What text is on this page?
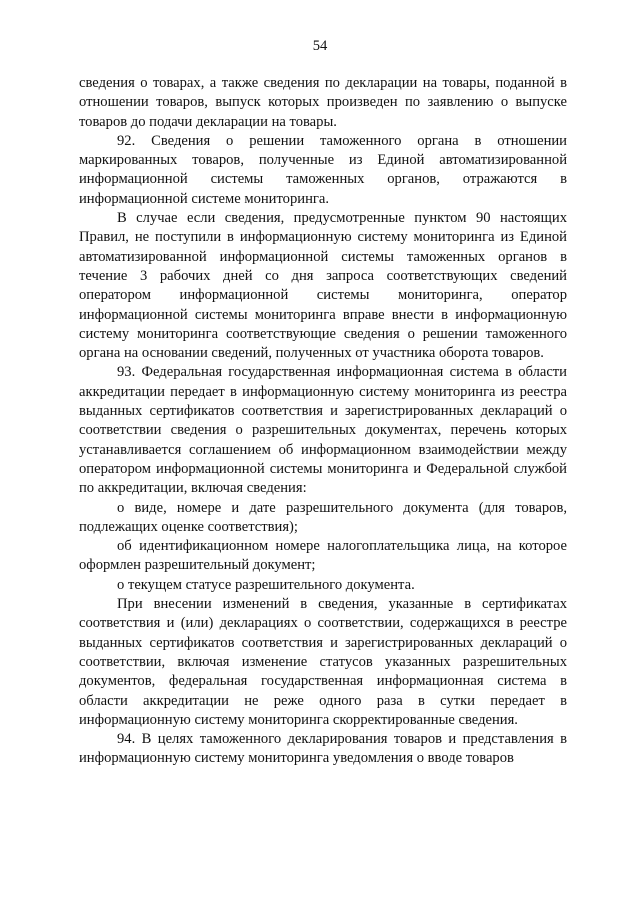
54

сведения о товарах, а также сведения по декларации на товары, поданной в отношении товаров, выпуск которых произведен по заявлению о выпуске товаров до подачи декларации на товары.

92. Сведения о решении таможенного органа в отношении маркированных товаров, полученные из Единой автоматизированной информационной системы таможенных органов, отражаются в информационной системе мониторинга.

В случае если сведения, предусмотренные пунктом 90 настоящих Правил, не поступили в информационную систему мониторинга из Единой автоматизированной информационной системы таможенных органов в течение 3 рабочих дней со дня запроса соответствующих сведений оператором информационной системы мониторинга, оператор информационной системы мониторинга вправе внести в информационную систему мониторинга соответствующие сведения о решении таможенного органа на основании сведений, полученных от участника оборота товаров.

93. Федеральная государственная информационная система в области аккредитации передает в информационную систему мониторинга из реестра выданных сертификатов соответствия и зарегистрированных деклараций о соответствии сведения о разрешительных документах, перечень которых устанавливается соглашением об информационном взаимодействии между оператором информационной системы мониторинга и Федеральной службой по аккредитации, включая сведения:

о виде, номере и дате разрешительного документа (для товаров, подлежащих оценке соответствия);

об идентификационном номере налогоплательщика лица, на которое оформлен разрешительный документ;

о текущем статусе разрешительного документа.

При внесении изменений в сведения, указанные в сертификатах соответствия и (или) декларациях о соответствии, содержащихся в реестре выданных сертификатов соответствия и зарегистрированных деклараций о соответствии, включая изменение статусов указанных разрешительных документов, федеральная государственная информационная система в области аккредитации не реже одного раза в сутки передает в информационную систему мониторинга скорректированные сведения.

94. В целях таможенного декларирования товаров и представления в информационную систему мониторинга уведомления о вводе товаров
